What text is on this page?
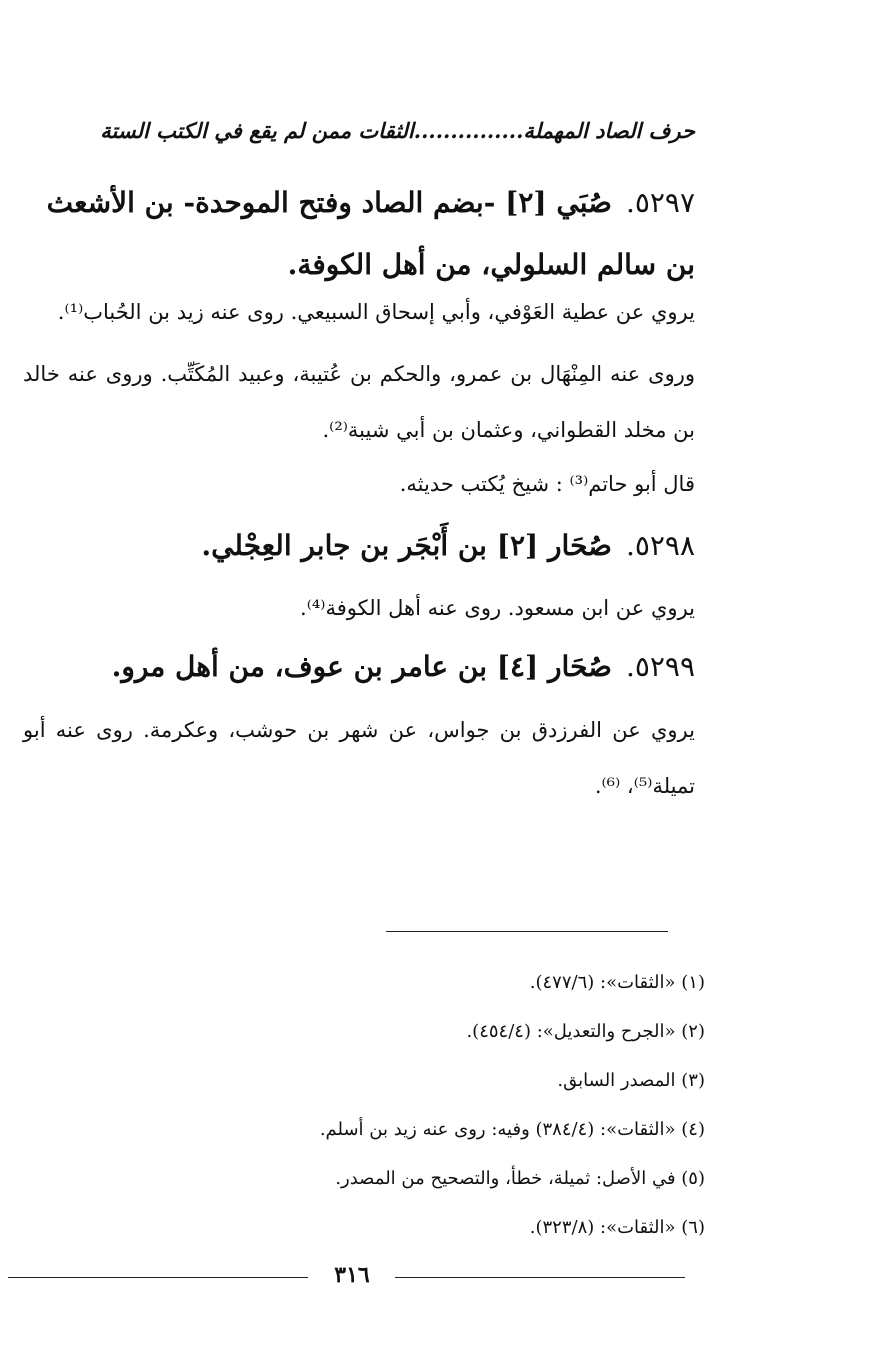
حرف الصاد المهملة...............الثقات ممن لم يقع في الكتب الستة
٥٢٩٧.صُبَي [٢] -بضم الصاد وفتح الموحدة- بن الأشعث بن سالم السلولي، من أهل الكوفة.
يروي عن عطية العَوْفي، وأبي إسحاق السبيعي. روى عنه زيد بن الحُباب⁽¹⁾.
وروى عنه المِنْهَال بن عمرو، والحكم بن عُتيبة، وعبيد المُكَتِّب. وروى عنه خالد بن مخلد القطواني، وعثمان بن أبي شيبة⁽²⁾.
قال أبو حاتم⁽³⁾ : شيخ يُكتب حديثه.
٥٢٩٨.صُحَار [٢] بن أَبْجَر بن جابر العِجْلي.
يروي عن ابن مسعود. روى عنه أهل الكوفة⁽⁴⁾.
٥٢٩٩.صُحَار [٤] بن عامر بن عوف، من أهل مرو.
يروي عن الفرزدق بن جواس، عن شهر بن حوشب، وعكرمة. روى عنه أبو تميلة⁽⁵⁾، ⁽⁶⁾.
(١) «الثقات»: (٤٧٧/٦).
(٢) «الجرح والتعديل»: (٤٥٤/٤).
(٣) المصدر السابق.
(٤) «الثقات»: (٣٨٤/٤) وفيه: روى عنه زيد بن أسلم.
(٥) في الأصل: ثميلة، خطأ، والتصحيح من المصدر.
(٦) «الثقات»: (٣٢٣/٨).
٣١٦
